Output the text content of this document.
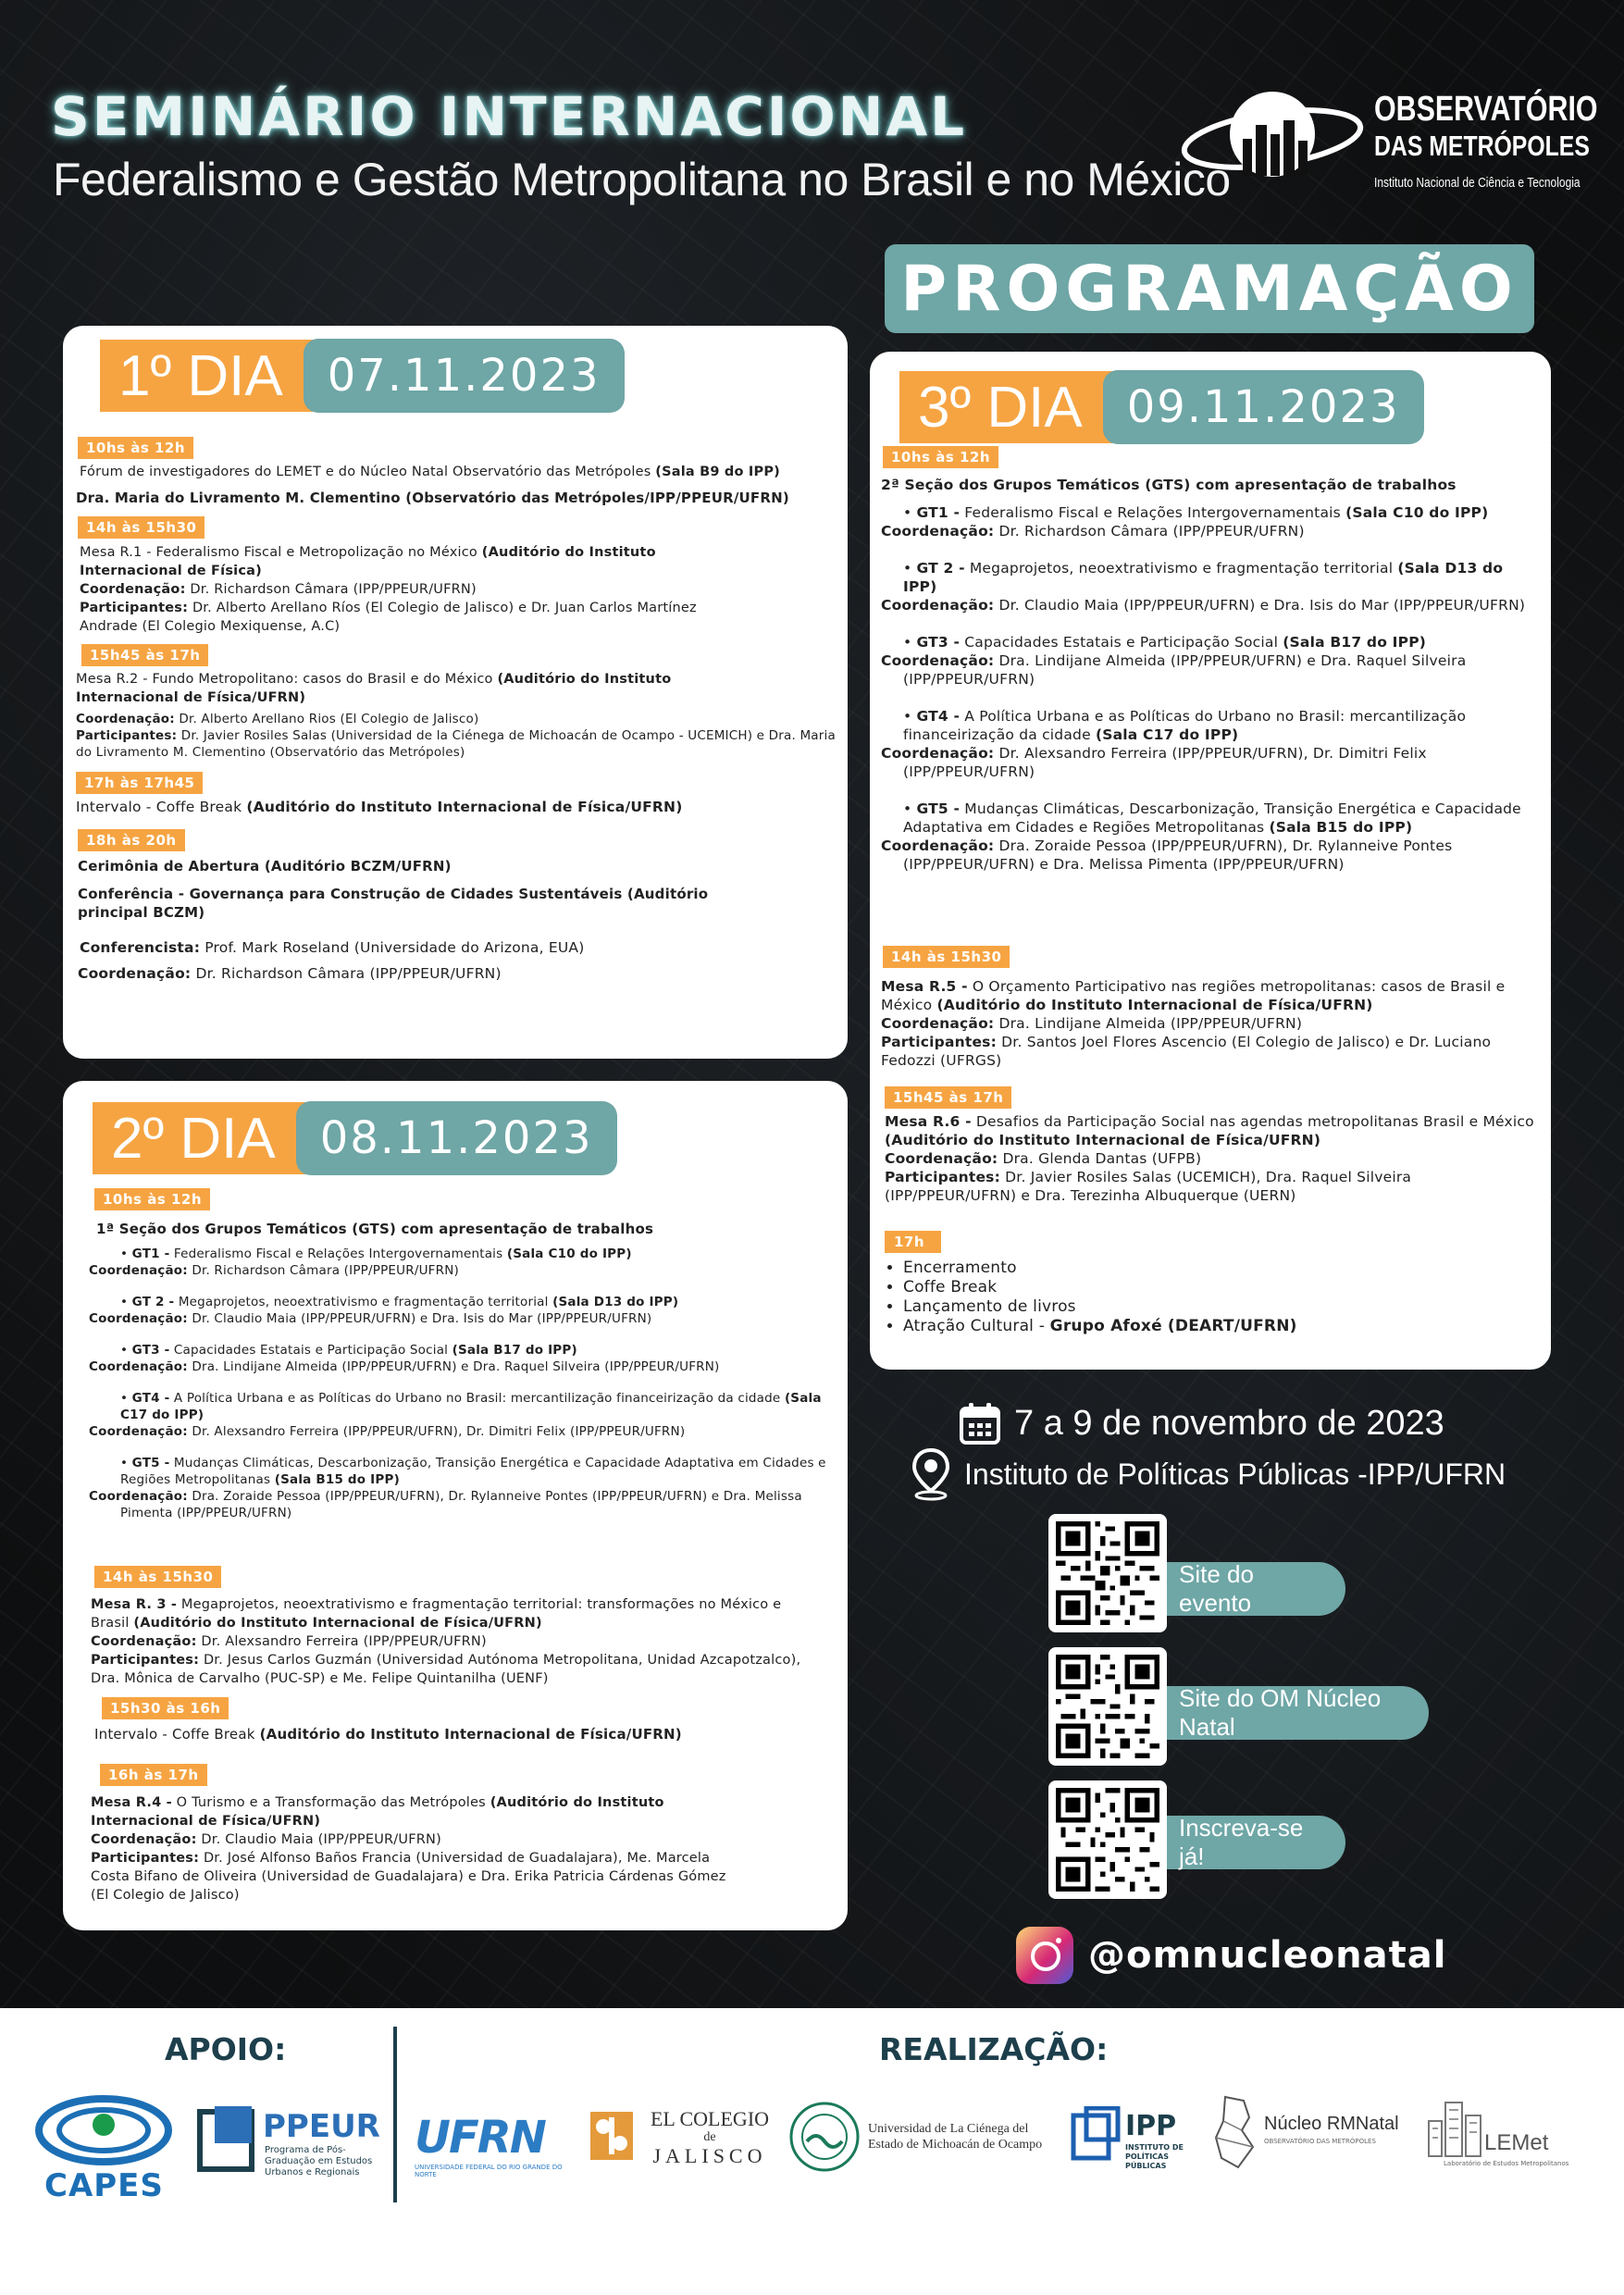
SEMINÁRIO INTERNACIONAL
Federalismo e Gestão Metropolitana no Brasil e no México
OBSERVATÓRIO
DAS METRÓPOLES
Instituto Nacional de Ciência e Tecnologia
PROGRAMAÇÃO
1º DIA	07.11.2023
10hs às 12h
Fórum de investigadores do LEMET e do Núcleo Natal Observatório das Metrópoles (Sala B9 do IPP)
Dra. Maria do Livramento M. Clementino (Observatório das Metrópoles/IPP/PPEUR/UFRN)
14h às 15h30
Mesa R.1 - Federalismo Fiscal e Metropolização no México (Auditório do Instituto Internacional de Física)
Coordenação: Dr. Richardson Câmara (IPP/PPEUR/UFRN)
Participantes: Dr. Alberto Arellano Ríos (El Colegio de Jalisco) e Dr. Juan Carlos Martínez Andrade (El Colegio Mexiquense, A.C)
15h45 às 17h
Mesa R.2 - Fundo Metropolitano: casos do Brasil e do México (Auditório do Instituto Internacional de Física/UFRN)
Coordenação: Dr. Alberto Arellano Rios (El Colegio de Jalisco)
Participantes: Dr. Javier Rosiles Salas (Universidad de la Ciénega de Michoacán de Ocampo - UCEMICH) e Dra. Maria do Livramento M. Clementino (Observatório das Metrópoles)
17h às 17h45
Intervalo - Coffe Break (Auditório do Instituto Internacional de Física/UFRN)
18h às 20h
Cerimônia de Abertura (Auditório BCZM/UFRN)
Conferência - Governança para Construção de Cidades Sustentáveis (Auditório principal BCZM)
Conferencista: Prof. Mark Roseland (Universidade do Arizona, EUA)
Coordenação: Dr. Richardson Câmara (IPP/PPEUR/UFRN)
2º DIA	08.11.2023
10hs às 12h
1ª Seção dos Grupos Temáticos (GTS) com apresentação de trabalhos
• GT1 - Federalismo Fiscal e Relações Intergovernamentais (Sala C10 do IPP)
Coordenação: Dr. Richardson Câmara (IPP/PPEUR/UFRN)
• GT 2 - Megaprojetos, neoextrativismo e fragmentação territorial (Sala D13 do IPP)
Coordenação: Dr. Claudio Maia (IPP/PPEUR/UFRN) e Dra. Isis do Mar (IPP/PPEUR/UFRN)
• GT3 - Capacidades Estatais e Participação Social (Sala B17 do IPP)
Coordenação: Dra. Lindijane Almeida (IPP/PPEUR/UFRN) e Dra. Raquel Silveira (IPP/PPEUR/UFRN)
• GT4 - A Política Urbana e as Políticas do Urbano no Brasil: mercantilização financeirização da cidade (Sala C17 do IPP)
Coordenação: Dr. Alexsandro Ferreira (IPP/PPEUR/UFRN), Dr. Dimitri Felix (IPP/PPEUR/UFRN)
• GT5 - Mudanças Climáticas, Descarbonização, Transição Energética e Capacidade Adaptativa em Cidades e Regiões Metropolitanas (Sala B15 do IPP)
Coordenação: Dra. Zoraide Pessoa (IPP/PPEUR/UFRN), Dr. Rylanneive Pontes (IPP/PPEUR/UFRN) e Dra. Melissa Pimenta (IPP/PPEUR/UFRN)
14h às 15h30
Mesa R. 3 - Megaprojetos, neoextrativismo e fragmentação territorial: transformações no México e Brasil (Auditório do Instituto Internacional de Física/UFRN)
Coordenação: Dr. Alexsandro Ferreira (IPP/PPEUR/UFRN)
Participantes: Dr. Jesus Carlos Guzmán (Universidad Autónoma Metropolitana, Unidad Azcapotzalco), Dra. Mônica de Carvalho (PUC-SP) e Me. Felipe Quintanilha (UENF)
15h30 às 16h
Intervalo - Coffe Break (Auditório do Instituto Internacional de Física/UFRN)
16h às 17h
Mesa R.4 - O Turismo e a Transformação das Metrópoles (Auditório do Instituto Internacional de Física/UFRN)
Coordenação: Dr. Claudio Maia (IPP/PPEUR/UFRN)
Participantes: Dr. José Alfonso Baños Francia (Universidad de Guadalajara), Me. Marcela Costa Bifano de Oliveira (Universidad de Guadalajara) e Dra. Erika Patricia Cárdenas Gómez (El Colegio de Jalisco)
3º DIA	09.11.2023
10hs às 12h
2ª Seção dos Grupos Temáticos (GTS) com apresentação de trabalhos
• GT1 - Federalismo Fiscal e Relações Intergovernamentais (Sala C10 do IPP)
Coordenação: Dr. Richardson Câmara (IPP/PPEUR/UFRN)
• GT 2 - Megaprojetos, neoextrativismo e fragmentação territorial (Sala D13 do IPP)
Coordenação: Dr. Claudio Maia (IPP/PPEUR/UFRN) e Dra. Isis do Mar (IPP/PPEUR/UFRN)
• GT3 - Capacidades Estatais e Participação Social (Sala B17 do IPP)
Coordenação: Dra. Lindijane Almeida (IPP/PPEUR/UFRN) e Dra. Raquel Silveira (IPP/PPEUR/UFRN)
• GT4 - A Política Urbana e as Políticas do Urbano no Brasil: mercantilização financeirização da cidade (Sala C17 do IPP)
Coordenação: Dr. Alexsandro Ferreira (IPP/PPEUR/UFRN), Dr. Dimitri Felix (IPP/PPEUR/UFRN)
• GT5 - Mudanças Climáticas, Descarbonização, Transição Energética e Capacidade Adaptativa em Cidades e Regiões Metropolitanas (Sala B15 do IPP)
Coordenação: Dra. Zoraide Pessoa (IPP/PPEUR/UFRN), Dr. Rylanneive Pontes (IPP/PPEUR/UFRN) e Dra. Melissa Pimenta (IPP/PPEUR/UFRN)
14h às 15h30
Mesa R.5 - O Orçamento Participativo nas regiões metropolitanas: casos de Brasil e México (Auditório do Instituto Internacional de Física/UFRN)
Coordenação: Dra. Lindijane Almeida (IPP/PPEUR/UFRN)
Participantes: Dr. Santos Joel Flores Ascencio (El Colegio de Jalisco) e Dr. Luciano Fedozzi (UFRGS)
15h45 às 17h
Mesa R.6 - Desafios da Participação Social nas agendas metropolitanas Brasil e México (Auditório do Instituto Internacional de Física/UFRN)
Coordenação: Dra. Glenda Dantas (UFPB)
Participantes: Dr. Javier Rosiles Salas (UCEMICH), Dra. Raquel Silveira (IPP/PPEUR/UFRN) e Dra. Terezinha Albuquerque (UERN)
17h
• Encerramento
• Coffe Break
• Lançamento de livros
• Atração Cultural - Grupo Afoxé (DEART/UFRN)
7 a 9 de novembro de 2023
Instituto de Políticas Públicas -IPP/UFRN
Site do evento
Site do OM Núcleo Natal
Inscreva-se já!
@omnucleonatal
APOIO:	REALIZAÇÃO:
CAPES
PPEUR
Programa de Pós-Graduação em Estudos Urbanos e Regionais
UFRN
UNIVERSIDADE FEDERAL DO RIO GRANDE DO NORTE
EL COLEGIO
de
JALISCO
Universidad de La Ciénega del Estado de Michoacán de Ocampo
IPP
INSTITUTO DE POLÍTICAS PÚBLICAS
Núcleo RMNatal
OBSERVATÓRIO DAS METRÓPOLES	LEMet
Laboratório de Estudos Metropolitanos
